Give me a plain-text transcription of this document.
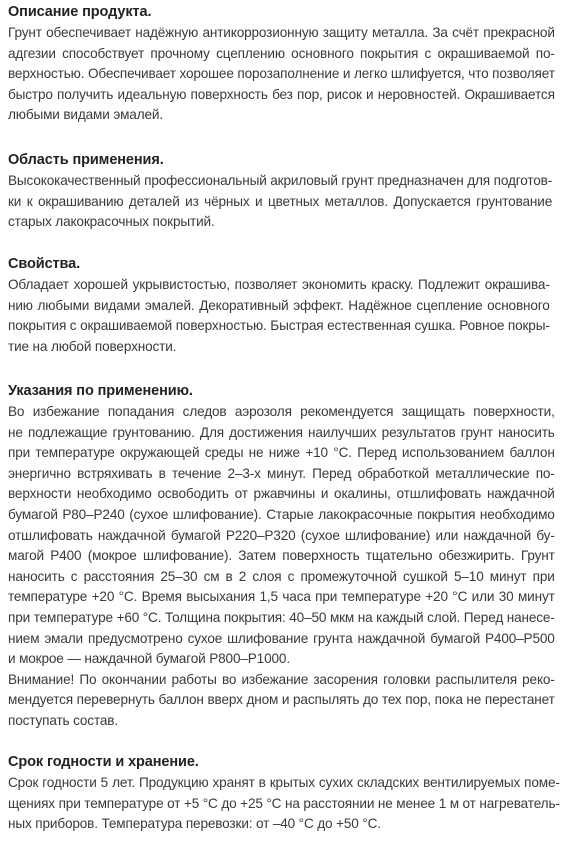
Описание продукта.
Грунт обеспечивает надёжную антикоррозионную защиту металла. За счёт прекрасной
адгезии способствует прочному сцеплению основного покрытия с окрашиваемой по-
верхностью. Обеспечивает хорошее порозаполнение и легко шлифуется, что позволяет
быстро получить идеальную поверхность без пор, рисок и неровностей. Окрашивается
любыми видами эмалей.
Область применения.
Высококачественный профессиональный акриловый грунт предназначен для подготов-
ки к окрашиванию деталей из чёрных и цветных металлов. Допускается грунтование
старых лакокрасочных покрытий.
Свойства.
Обладает хорошей укрывистостью, позволяет экономить краску. Подлежит окрашива-
нию любыми видами эмалей. Декоративный эффект. Надёжное сцепление основного
покрытия с окрашиваемой поверхностью. Быстрая естественная сушка. Ровное покры-
тие на любой поверхности.
Указания по применению.
Во избежание попадания следов аэрозоля рекомендуется защищать поверхности,
не подлежащие грунтованию. Для достижения наилучших результатов грунт наносить
при температуре окружающей среды не ниже +10 °С. Перед использованием баллон
энергично встряхивать в течение 2–3-х минут. Перед обработкой металлические по-
верхности необходимо освободить от ржавчины и окалины, отшлифовать наждачной
бумагой Р80–Р240 (сухое шлифование). Старые лакокрасочные покрытия необходимо
отшлифовать наждачной бумагой Р220–Р320 (сухое шлифование) или наждачной бу-
магой Р400 (мокрое шлифование). Затем поверхность тщательно обезжирить. Грунт
наносить с расстояния 25–30 см в 2 слоя с промежуточной сушкой 5–10 минут при
температуре +20 °С. Время высыхания 1,5 часа при температуре +20 °С или 30 минут
при температуре +60 °С. Толщина покрытия: 40–50 мкм на каждый слой. Перед нанесе-
нием эмали предусмотрено сухое шлифование грунта наждачной бумагой Р400–Р500
и мокрое — наждачной бумагой Р800–Р1000.
Внимание! По окончании работы во избежание засорения головки распылителя реко-
мендуется перевернуть баллон вверх дном и распылять до тех пор, пока не перестанет
поступать состав.
Срок годности и хранение.
Срок годности 5 лет. Продукцию хранят в крытых сухих складских вентилируемых поме-
щениях при температуре от +5 °С до +25 °С на расстоянии не менее 1 м от нагреватель-
ных приборов. Температура перевозки: от –40 °С до +50 °С.
